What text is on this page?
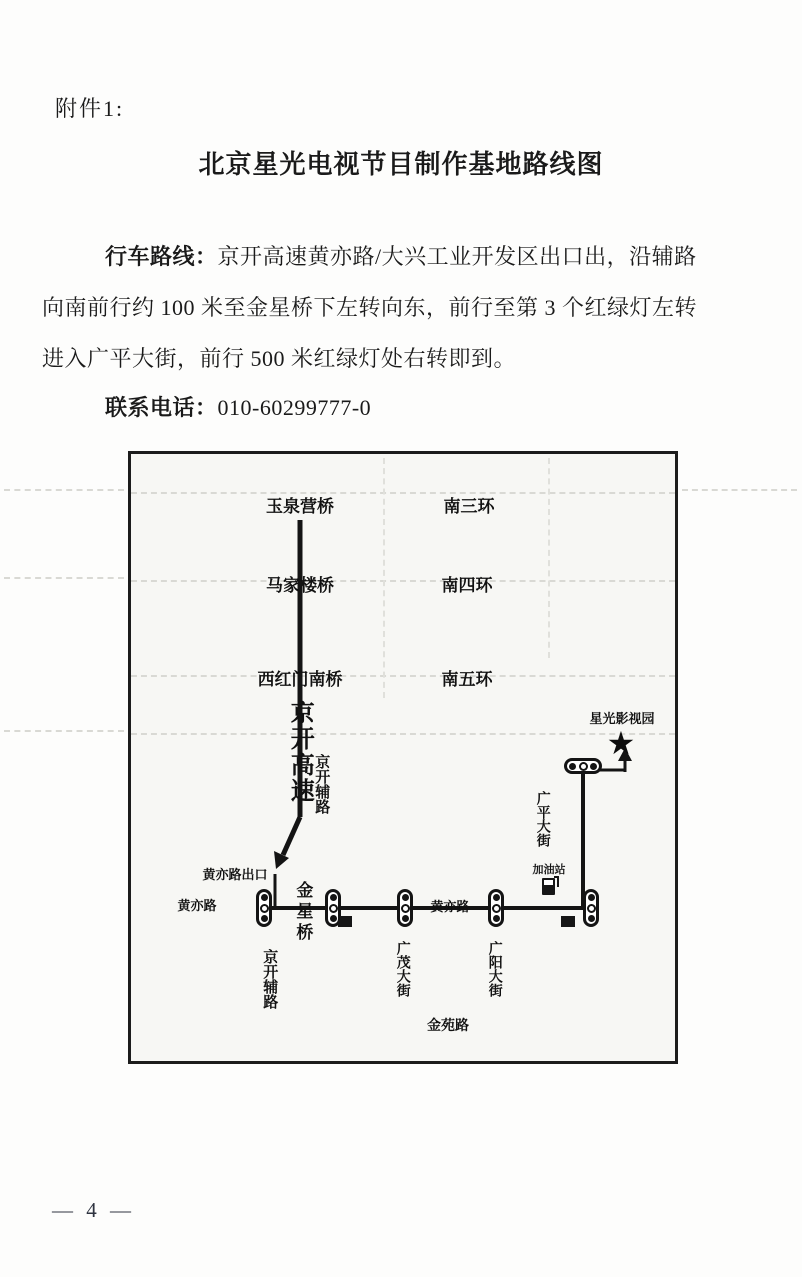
附件1:
北京星光电视节目制作基地路线图

行车路线：京开高速黄亦路/大兴工业开发区出口出，沿辅路

向南前行约 100 米至金星桥下左转向东，前行至第 3 个红绿灯左转

进入广平大街，前行 500 米红绿灯处右转即到。

联系电话：010-60299777-0

玉泉营桥	南三环
马家楼桥	南四环
西红门南桥	南五环
京开高速 京开辅路
黄亦路出口
黄亦路	金星桥
京开辅路
黄亦路
广茂大街	广阳大街
加油站
广平大街
星光影视园
★
金苑路
— 4 —
